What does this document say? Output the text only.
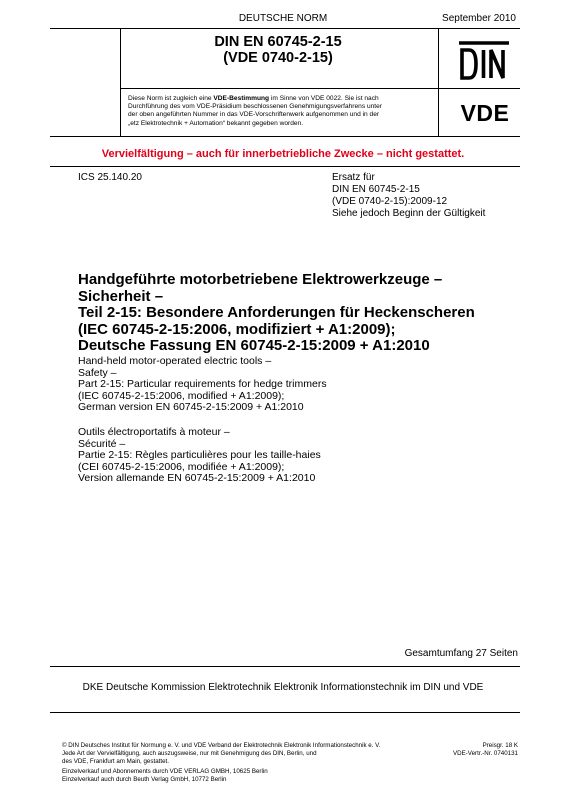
DEUTSCHE NORM	September 2010
DIN EN 60745-2-15
(VDE 0740-2-15)
Diese Norm ist zugleich eine VDE-Bestimmung im Sinne von VDE 0022. Sie ist nach
Durchführung des vom VDE-Präsidium beschlossenen Genehmigungsverfahrens unter
der oben angeführten Nummer in das VDE-Vorschriftenwerk aufgenommen und in der
„etz Elektrotechnik + Automation“ bekannt gegeben worden.	VDE
Vervielfältigung – auch für innerbetriebliche Zwecke – nicht gestattet.
ICS 25.140.20	Ersatz für
DIN EN 60745-2-15
(VDE 0740-2-15):2009-12
Siehe jedoch Beginn der Gültigkeit
Handgeführte motorbetriebene Elektrowerkzeuge –
Sicherheit –
Teil 2-15: Besondere Anforderungen für Heckenscheren
(IEC 60745-2-15:2006, modifiziert + A1:2009);
Deutsche Fassung EN 60745-2-15:2009 + A1:2010
Hand-held motor-operated electric tools –
Safety –
Part 2-15: Particular requirements for hedge trimmers
(IEC 60745-2-15:2006, modified + A1:2009);
German version EN 60745-2-15:2009 + A1:2010
Outils électroportatifs à moteur –
Sécurité –
Partie 2-15: Règles particulières pour les taille-haies
(CEI 60745-2-15:2006, modifiée + A1:2009);
Version allemande EN 60745-2-15:2009 + A1:2010
Gesamtumfang 27 Seiten
DKE Deutsche Kommission Elektrotechnik Elektronik Informationstechnik im DIN und VDE
© DIN Deutsches Institut für Normung e. V. und VDE Verband der Elektrotechnik Elektronik Informationstechnik e. V.
Jede Art der Vervielfältigung, auch auszugsweise, nur mit Genehmigung des DIN, Berlin, und
des VDE, Frankfurt am Main, gestattet.
Preisgr. 18 K
VDE-Vertr.-Nr. 0740131
Einzelverkauf und Abonnements durch VDE VERLAG GMBH, 10625 Berlin
Einzelverkauf auch durch Beuth Verlag GmbH, 10772 Berlin
